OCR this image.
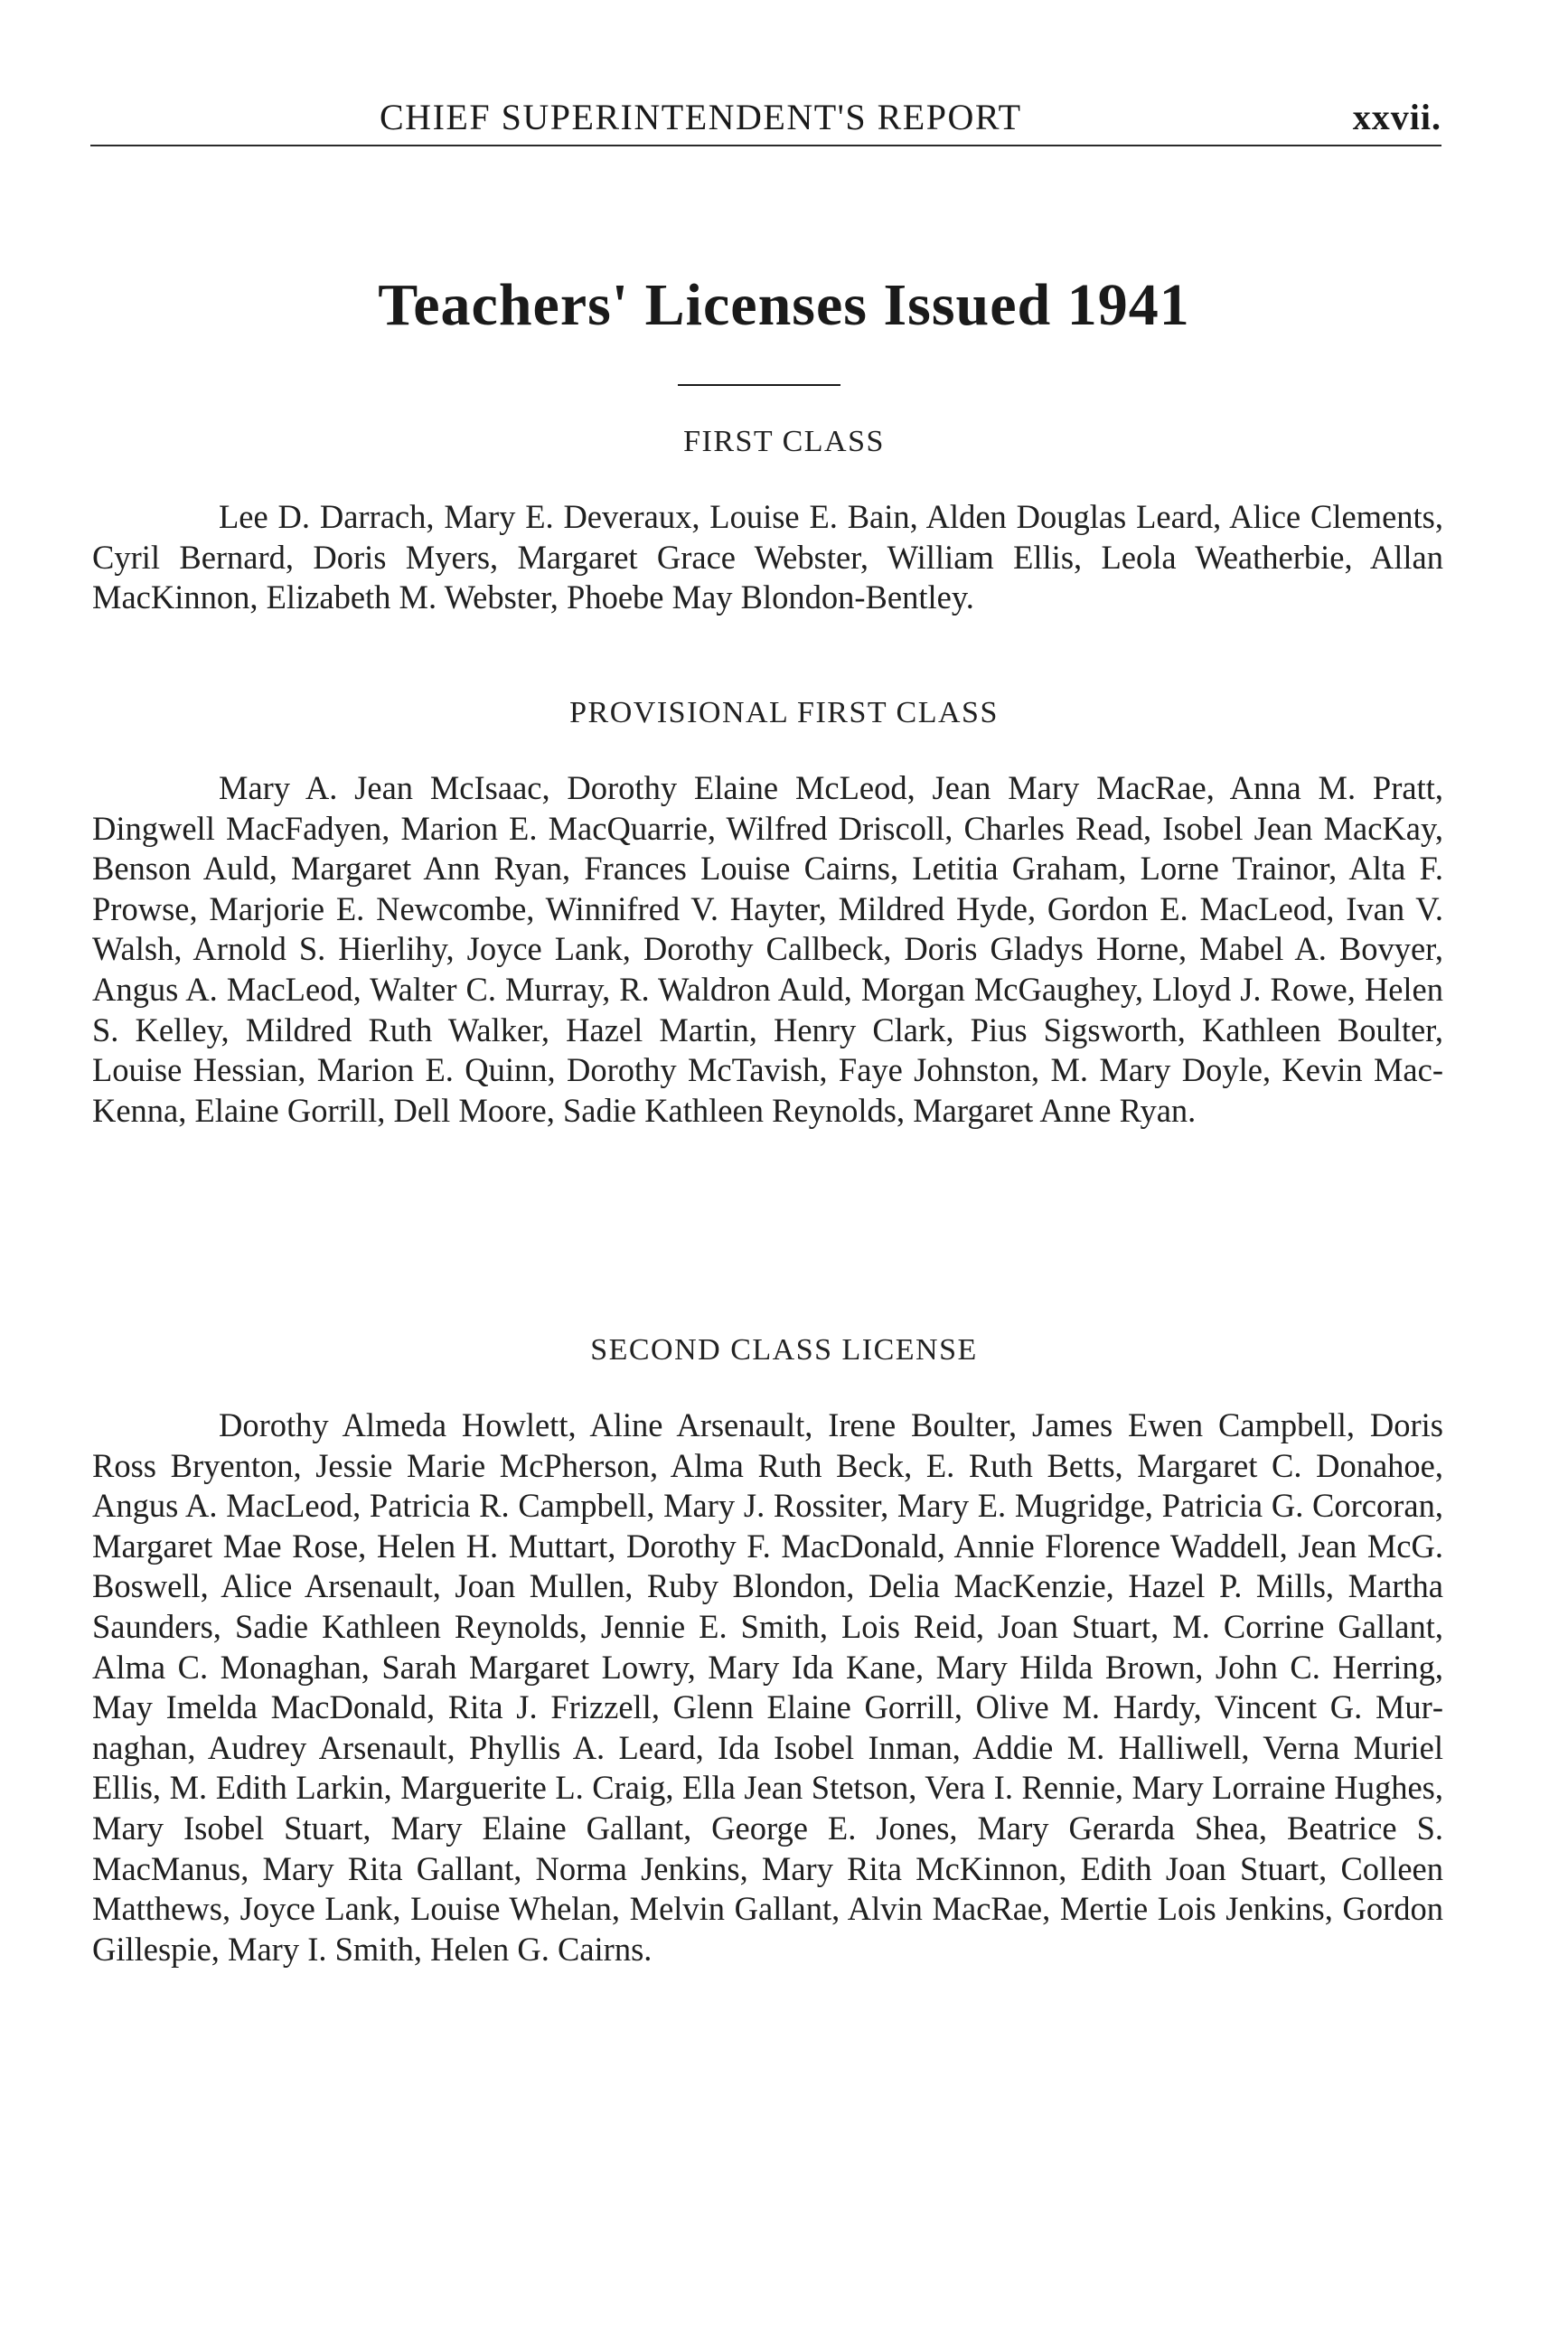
CHIEF SUPERINTENDENT'S REPORT	xxvii.
Teachers' Licenses Issued 1941
FIRST CLASS

Lee D. Darrach, Mary E. Deveraux, Louise E. Bain, Alden Douglas Leard, Alice Clements, Cyril Bernard, Doris Myers, Margaret Grace Webster, William Ellis, Leola Weatherbie, Allan MacKinnon, Elizabeth M. Webster, Phoebe May Blondon-Bentley.

PROVISIONAL FIRST CLASS

Mary A. Jean McIsaac, Dorothy Elaine McLeod, Jean Mary MacRae, Anna M. Pratt, Dingwell MacFadyen, Marion E. MacQuarrie, Wilfred Driscoll, Charles Read, Isobel Jean MacKay, Benson Auld, Margaret Ann Ryan, Frances Louise Cairns, Letitia Graham, Lorne Trainor, Alta F. Prowse, Marjorie E. Newcombe, Winnifred V. Hayter, Mildred Hyde, Gordon E. MacLeod, Ivan V. Walsh, Arnold S. Hierlihy, Joyce Lank, Dorothy Callbeck, Doris Gladys Horne, Mabel A. Bovyer, Angus A. MacLeod, Walter C. Murray, R. Waldron Auld, Morgan McGaughey, Lloyd J. Rowe, Helen S. Kelley, Mildred Ruth Walker, Hazel Martin, Henry Clark, Pius Sigsworth, Kathleen Boulter, Louise Hessian, Marion E. Quinn, Dorothy McTavish, Faye Johnston, M. Mary Doyle, Kevin MacKenna, Elaine Gorrill, Dell Moore, Sadie Kathleen Reynolds, Margaret Anne Ryan.

SECOND CLASS LICENSE

Dorothy Almeda Howlett, Aline Arsenault, Irene Boulter, James Ewen Campbell, Doris Ross Bryenton, Jessie Marie McPherson, Alma Ruth Beck, E. Ruth Betts, Margaret C. Donahoe, Angus A. MacLeod, Patricia R. Campbell, Mary J. Rossiter, Mary E. Mugridge, Patricia G. Corcoran, Margaret Mae Rose, Helen H. Muttart, Dorothy F. MacDonald, Annie Florence Waddell, Jean McG. Boswell, Alice Arsenault, Joan Mullen, Ruby Blondon, Delia MacKenzie, Hazel P. Mills, Martha Saunders, Sadie Kathleen Reynolds, Jennie E. Smith, Lois Reid, Joan Stuart, M. Corrine Gallant, Alma C. Monaghan, Sarah Margaret Lowry, Mary Ida Kane, Mary Hilda Brown, John C. Herring, May Imelda MacDonald, Rita J. Frizzell, Glenn Elaine Gorrill, Olive M. Hardy, Vincent G. Murnaghan, Audrey Arsenault, Phyllis A. Leard, Ida Isobel Inman, Addie M. Halliwell, Verna Muriel Ellis, M. Edith Larkin, Marguerite L. Craig, Ella Jean Stetson, Vera I. Rennie, Mary Lorraine Hughes, Mary Isobel Stuart, Mary Elaine Gallant, George E. Jones, Mary Gerarda Shea, Beatrice S. MacManus, Mary Rita Gallant, Norma Jenkins, Mary Rita McKinnon, Edith Joan Stuart, Colleen Matthews, Joyce Lank, Louise Whelan, Melvin Gallant, Alvin MacRae, Mertie Lois Jenkins, Gordon Gillespie, Mary I. Smith, Helen G. Cairns.
